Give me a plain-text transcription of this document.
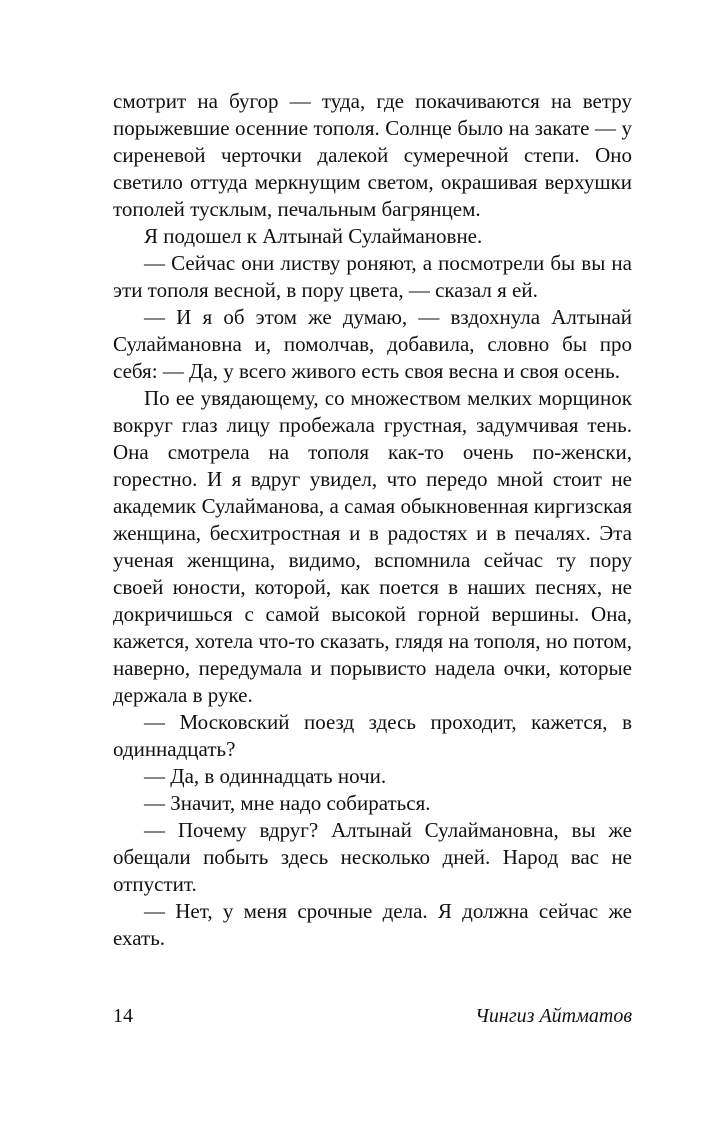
смотрит на бугор — туда, где покачиваются на ветру порыжевшие осенние тополя. Солнце было на закате — у сиреневой черточки далекой сумеречной степи. Оно светило оттуда меркнущим светом, окрашивая верхушки тополей тусклым, печальным багрянцем.

Я подошел к Алтынай Сулаймановне.

— Сейчас они листву роняют, а посмотрели бы вы на эти тополя весной, в пору цвета, — сказал я ей.

— И я об этом же думаю, — вздохнула Алтынай Сулаймановна и, помолчав, добавила, словно бы про себя: — Да, у всего живого есть своя весна и своя осень.

По ее увядающему, со множеством мелких морщинок вокруг глаз лицу пробежала грустная, задумчивая тень. Она смотрела на тополя как-то очень по-женски, горестно. И я вдруг увидел, что передо мной стоит не академик Сулайманова, а самая обыкновенная киргизская женщина, бесхитростная и в радостях и в печалях. Эта ученая женщина, видимо, вспомнила сейчас ту пору своей юности, которой, как поется в наших песнях, не докричишься с самой высокой горной вершины. Она, кажется, хотела что-то сказать, глядя на тополя, но потом, наверно, передумала и порывисто надела очки, которые держала в руке.

— Московский поезд здесь проходит, кажется, в одиннадцать?

— Да, в одиннадцать ночи.

— Значит, мне надо собираться.

— Почему вдруг? Алтынай Сулаймановна, вы же обещали побыть здесь несколько дней. Народ вас не отпустит.

— Нет, у меня срочные дела. Я должна сейчас же ехать.

14	Чингиз Айтматов
